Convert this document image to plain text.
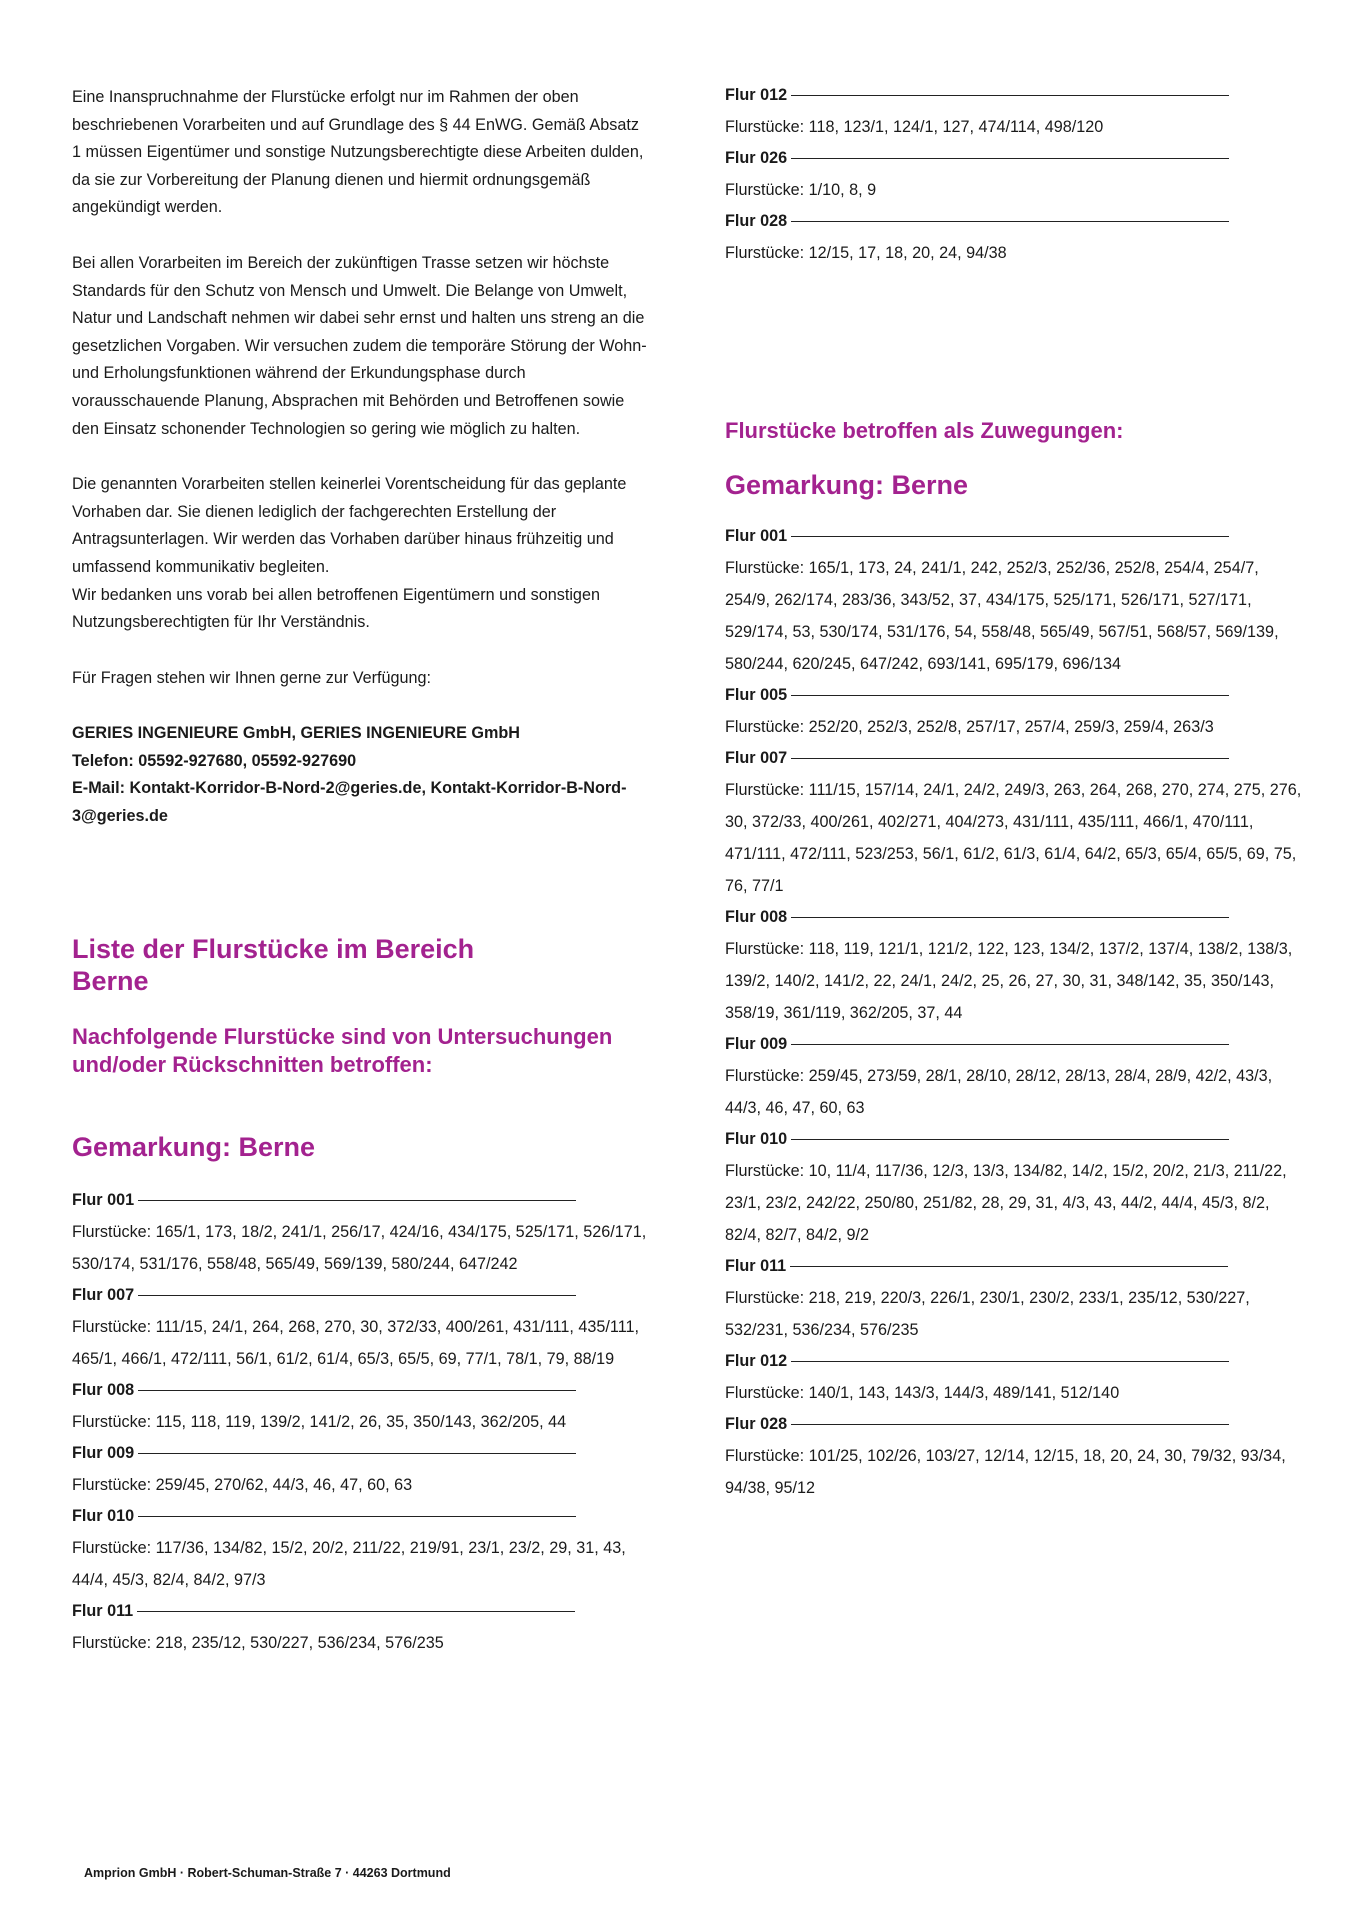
Eine Inanspruchnahme der Flurstücke erfolgt nur im Rahmen der oben beschriebenen Vorarbeiten und auf Grundlage des § 44 EnWG. Gemäß Absatz 1 müssen Eigentümer und sonstige Nutzungsberechtigte diese Arbeiten dulden, da sie zur Vorbereitung der Planung dienen und hiermit ordnungsgemäß angekündigt werden.

Bei allen Vorarbeiten im Bereich der zukünftigen Trasse setzen wir höchste Standards für den Schutz von Mensch und Umwelt. Die Belange von Umwelt, Natur und Landschaft nehmen wir dabei sehr ernst und halten uns streng an die gesetzlichen Vorgaben. Wir versuchen zudem die temporäre Störung der Wohn- und Erholungsfunktionen während der Erkundungsphase durch vorausschauende Planung, Absprachen mit Behörden und Betroffenen sowie den Einsatz schonender Technologien so gering wie möglich zu halten.

Die genannten Vorarbeiten stellen keinerlei Vorentscheidung für das geplante Vorhaben dar. Sie dienen lediglich der fachgerechten Erstellung der Antragsunterlagen. Wir werden das Vorhaben darüber hinaus frühzeitig und umfassend kommunikativ begleiten.
Wir bedanken uns vorab bei allen betroffenen Eigentümern und sonstigen Nutzungsberechtigten für Ihr Verständnis.

Für Fragen stehen wir Ihnen gerne zur Verfügung:

GERIES INGENIEURE GmbH, GERIES INGENIEURE GmbH
Telefon: 05592-927680, 05592-927690
E-Mail: Kontakt-Korridor-B-Nord-2@geries.de, Kontakt-Korridor-B-Nord-3@geries.de
Liste der Flurstücke im Bereich Berne
Nachfolgende Flurstücke sind von Untersuchungen und/oder Rückschnitten betroffen:
Gemarkung: Berne
Flur 001

Flurstücke: 165/1, 173, 18/2, 241/1, 256/17, 424/16, 434/175, 525/171, 526/171, 530/174, 531/176, 558/48, 565/49, 569/139, 580/244, 647/242

Flur 007

Flurstücke: 111/15, 24/1, 264, 268, 270, 30, 372/33, 400/261, 431/111, 435/111, 465/1, 466/1, 472/111, 56/1, 61/2, 61/4, 65/3, 65/5, 69, 77/1, 78/1, 79, 88/19

Flur 008

Flurstücke: 115, 118, 119, 139/2, 141/2, 26, 35, 350/143, 362/205, 44

Flur 009

Flurstücke: 259/45, 270/62, 44/3, 46, 47, 60, 63

Flur 010

Flurstücke: 117/36, 134/82, 15/2, 20/2, 211/22, 219/91, 23/1, 23/2, 29, 31, 43, 44/4, 45/3, 82/4, 84/2, 97/3

Flur 011

Flurstücke: 218, 235/12, 530/227, 536/234, 576/235

Flur 012

Flurstücke: 118, 123/1, 124/1, 127, 474/114, 498/120

Flur 026

Flurstücke: 1/10, 8, 9

Flur 028

Flurstücke: 12/15, 17, 18, 20, 24, 94/38

Flurstücke betroffen als Zuwegungen:
Gemarkung: Berne
Flur 001

Flurstücke: 165/1, 173, 24, 241/1, 242, 252/3, 252/36, 252/8, 254/4, 254/7, 254/9, 262/174, 283/36, 343/52, 37, 434/175, 525/171, 526/171, 527/171, 529/174, 53, 530/174, 531/176, 54, 558/48, 565/49, 567/51, 568/57, 569/139, 580/244, 620/245, 647/242, 693/141, 695/179, 696/134

Flur 005

Flurstücke: 252/20, 252/3, 252/8, 257/17, 257/4, 259/3, 259/4, 263/3

Flur 007

Flurstücke: 111/15, 157/14, 24/1, 24/2, 249/3, 263, 264, 268, 270, 274, 275, 276, 30, 372/33, 400/261, 402/271, 404/273, 431/111, 435/111, 466/1, 470/111, 471/111, 472/111, 523/253, 56/1, 61/2, 61/3, 61/4, 64/2, 65/3, 65/4, 65/5, 69, 75, 76, 77/1

Flur 008

Flurstücke: 118, 119, 121/1, 121/2, 122, 123, 134/2, 137/2, 137/4, 138/2, 138/3, 139/2, 140/2, 141/2, 22, 24/1, 24/2, 25, 26, 27, 30, 31, 348/142, 35, 350/143, 358/19, 361/119, 362/205, 37, 44

Flur 009

Flurstücke: 259/45, 273/59, 28/1, 28/10, 28/12, 28/13, 28/4, 28/9, 42/2, 43/3, 44/3, 46, 47, 60, 63

Flur 010

Flurstücke: 10, 11/4, 117/36, 12/3, 13/3, 134/82, 14/2, 15/2, 20/2, 21/3, 211/22, 23/1, 23/2, 242/22, 250/80, 251/82, 28, 29, 31, 4/3, 43, 44/2, 44/4, 45/3, 8/2, 82/4, 82/7, 84/2, 9/2

Flur 011

Flurstücke: 218, 219, 220/3, 226/1, 230/1, 230/2, 233/1, 235/12, 530/227, 532/231, 536/234, 576/235

Flur 012

Flurstücke: 140/1, 143, 143/3, 144/3, 489/141, 512/140

Flur 028

Flurstücke: 101/25, 102/26, 103/27, 12/14, 12/15, 18, 20, 24, 30, 79/32, 93/34, 94/38, 95/12

Amprion GmbH · Robert-Schuman-Straße 7 · 44263 Dortmund
